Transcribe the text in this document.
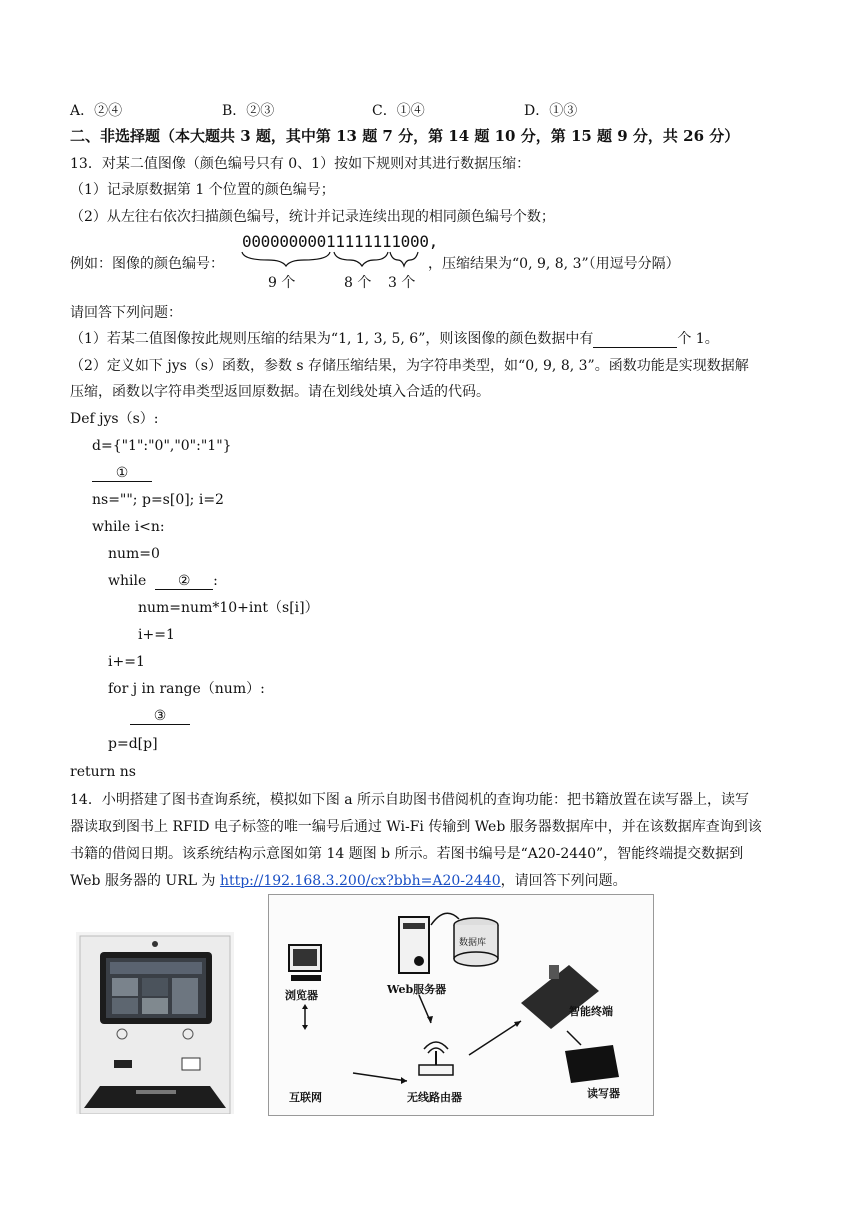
A．②④	B．②③	C．①④	D．①③
二、非选择题（本大题共 3 题，其中第 13 题 7 分，第 14 题 10 分，第 15 题 9 分，共 26 分）
13．对某二值图像（颜色编号只有 0、1）按如下规则对其进行数据压缩：
（1）记录原数据第 1 个位置的颜色编号；
（2）从左往右依次扫描颜色编号，统计并记录连续出现的相同颜色编号个数；
例如：图像的颜色编号：
00000000011111111000,
9 个	8 个 3 个
，压缩结果为“0, 9, 8, 3”（用逗号分隔）
请回答下列问题：
（1）若某二值图像按此规则压缩的结果为“1, 1, 3, 5, 6”，则该图像的颜色数据中有	个 1。
（2）定义如下 jys（s）函数，参数 s 存储压缩结果，为字符串类型，如“0, 9, 8, 3”。函数功能是实现数据解
压缩，函数以字符串类型返回原数据。请在划线处填入合适的代码。
Def jys（s）:
d={"1":"0","0":"1"}
①
ns=""; p=s[0]; i=2
while i<n:
num=0
while ② :
num=num*10+int（s[i]）
i+=1
i+=1
for j in range（num）:
③
p=d[p]
return ns
14．小明搭建了图书查询系统，模拟如下图 a 所示自助图书借阅机的查询功能：把书籍放置在读写器上，读写
器读取到图书上 RFID 电子标签的唯一编号后通过 Wi-Fi 传输到 Web 服务器数据库中，并在该数据库查询到该
书籍的借阅日期。该系统结构示意图如第 14 题图 b 所示。若图书编号是“A20-2440”，智能终端提交数据到
Web 服务器的 URL 为 http://192.168.3.200/cx?bbh=A20-2440，请回答下列问题。
浏览器	Web服务器
数据库
智能终端
互联网	无线路由器	读写器
